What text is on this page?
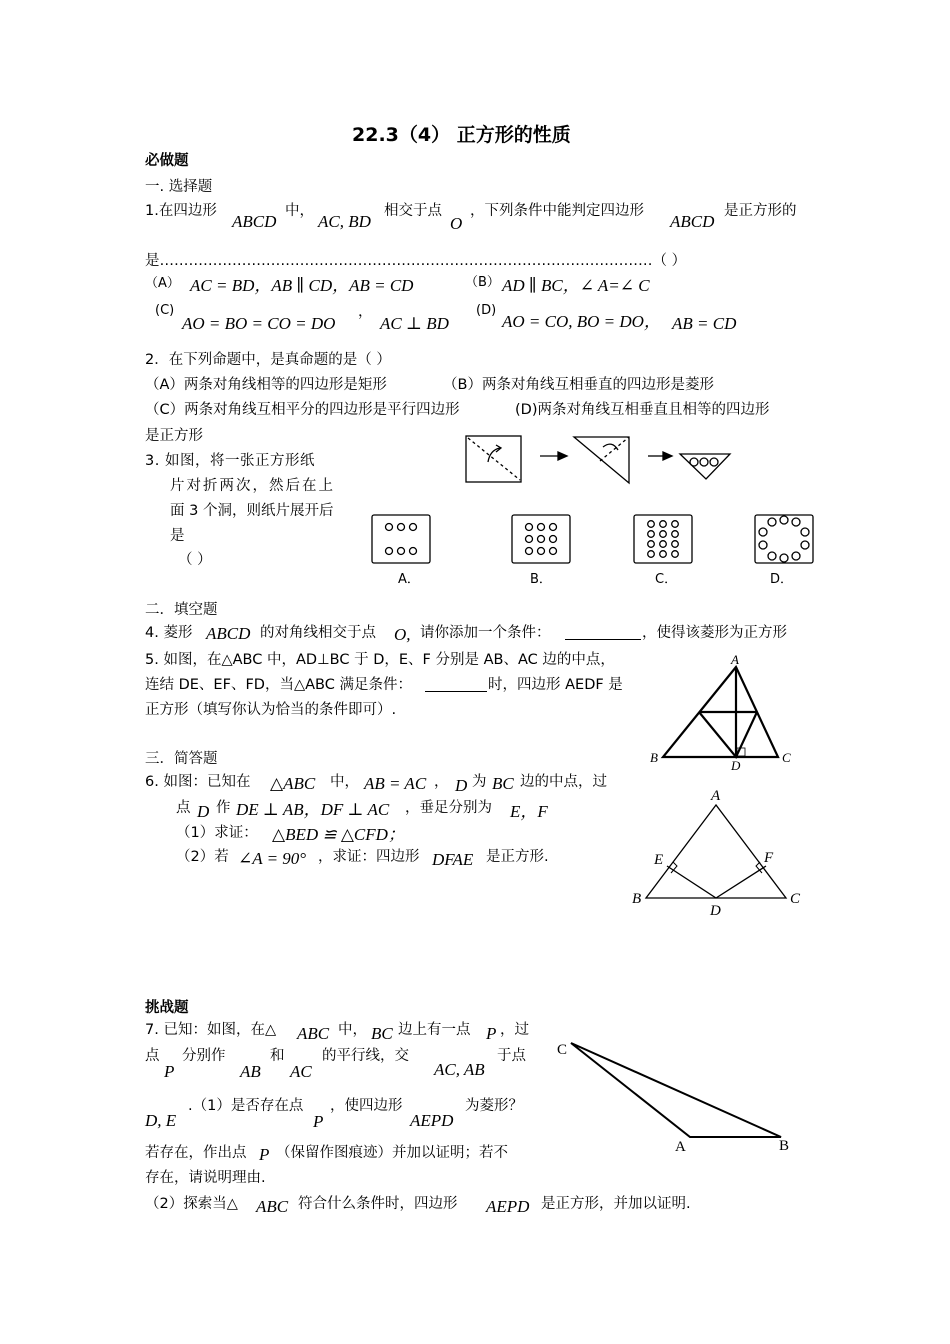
22.3（4） 正方形的性质
必做题
一. 选择题
1.在四边形
ABCD
中，
AC, BD
相交于点
O
，下列条件中能判定四边形
ABCD
是正方形的
是…………………………………………………………………………………………（ ）
（A） AC = BD，AB ∥ CD，AB = CD	（B） AD ∥ BC，∠ A=∠ C
(C)
AO = BO = CO = DO
，
AC ⊥ BD
(D)
AO = CO, BO = DO， AB = CD
2．在下列命题中，是真命题的是（ ）
（A）两条对角线相等的四边形是矩形	（B）两条对角线互相垂直的四边形是菱形
（C）两条对角线互相平分的四边形是平行四边形	(D)两条对角线互相垂直且相等的四边形
是正方形
3. 如图，将一张正方形纸
片对折两次，然后在上
面 3 个洞，则纸片展开后
是
（ ）
A．	B．	C．	D．
二．填空题
4. 菱形 ABCD 的对角线相交于点 O, 请你添加一个条件：	，使得该菱形为正方形
5. 如图，在△ABC 中，AD⊥BC 于 D，E、F 分别是 AB、AC 边的中点，
连结 DE、EF、FD，当△ABC 满足条件：	时，四边形 AEDF 是
正方形（填写你认为恰当的条件即可）.
A
B	C
D
三．简答题
6. 如图：已知在 △ABC 中， AB = AC ， D 为 BC 边的中点，过
点 D 作 DE ⊥ AB，DF ⊥ AC ，垂足分别为 E，F
（1）求证： △BED ≌ △CFD；
（2）若 ∠A = 90° ，求证：四边形 DFAE 是正方形.
A
B	C
D
E	F
挑战题
7. 已知：如图，在△ ABC 中， BC 边上有一点 P ，过
点
P
分别作
AB
和
AC
的平行线，交
AC, AB
于点
D, E
.（1）是否存在点
P
，使四边形
AEPD
为菱形？
若存在，作出点 P （保留作图痕迹）并加以证明；若不
存在，请说明理由.
（2）探索当△ ABC 符合什么条件时，四边形 AEPD 是正方形，并加以证明.
C
A	B
